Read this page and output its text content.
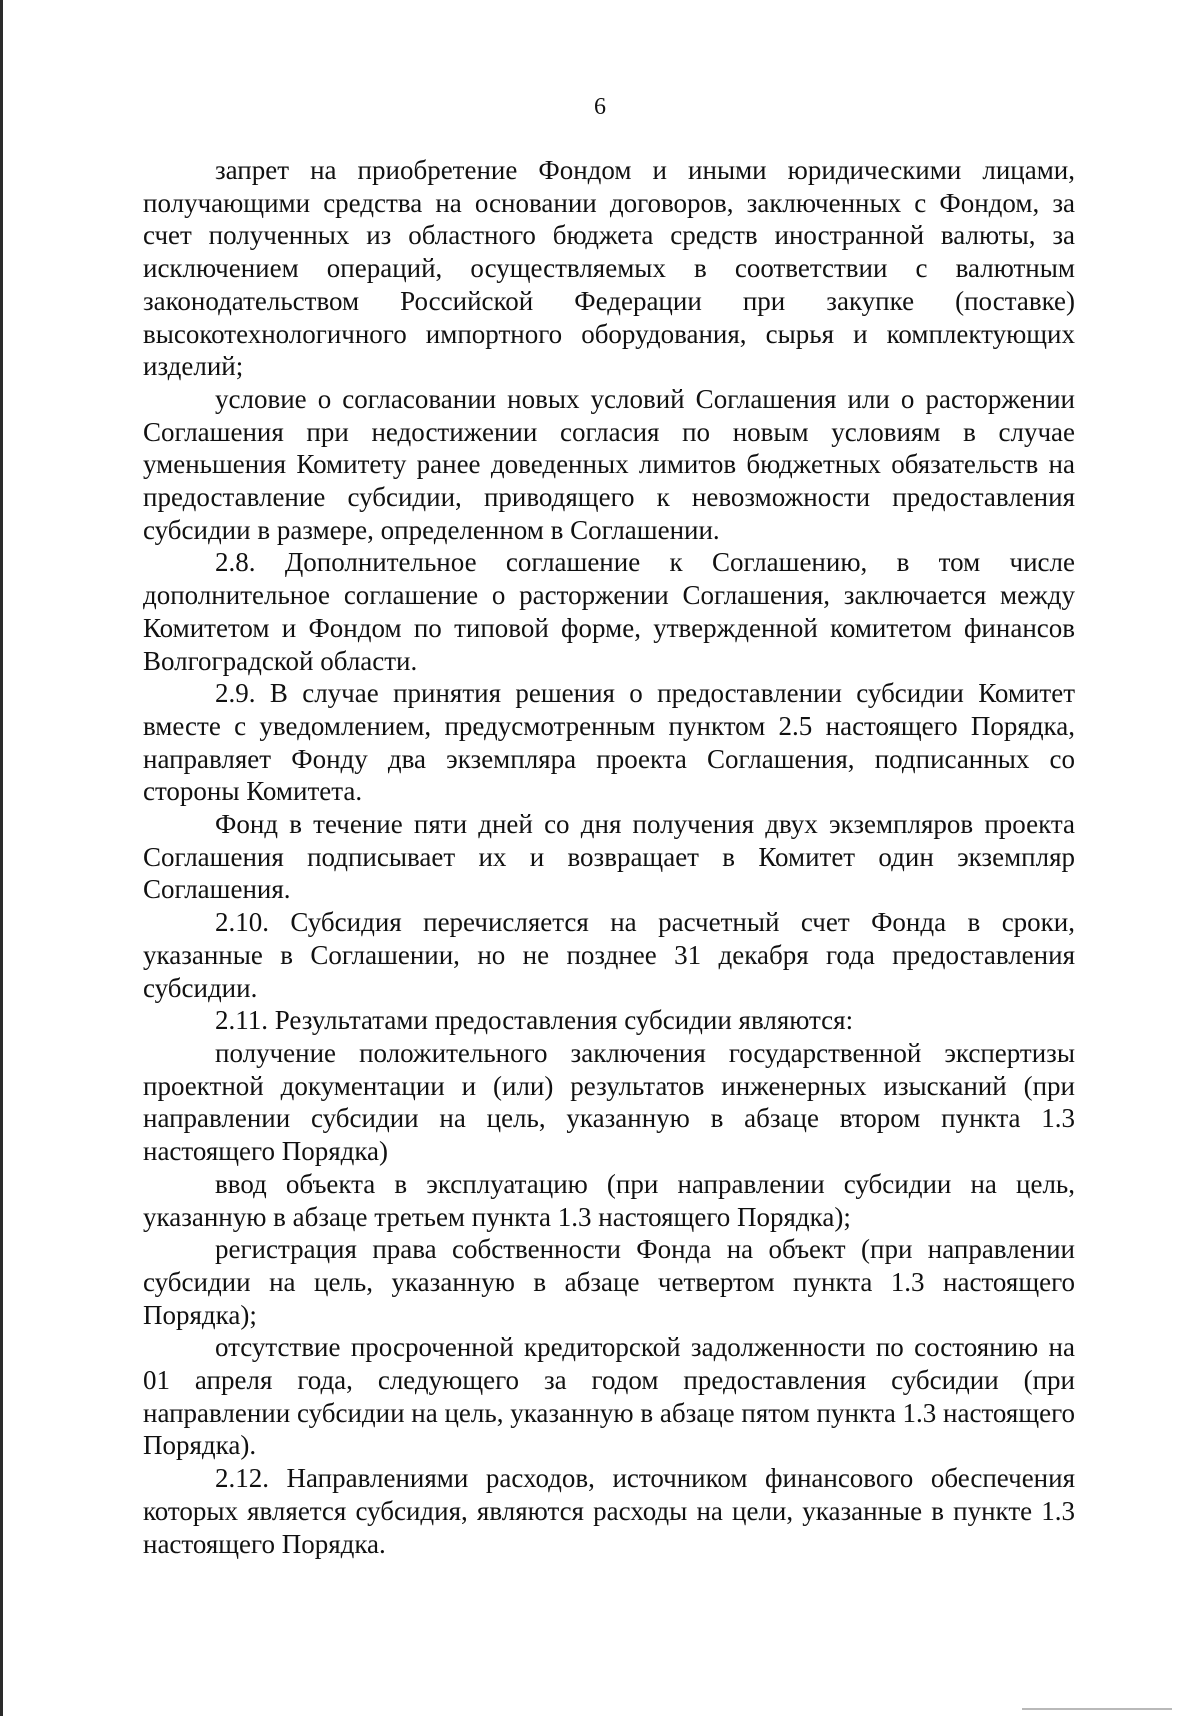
6

запрет на приобретение Фондом и иными юридическими лицами, получающими средства на основании договоров, заключенных с Фондом, за счет полученных из областного бюджета средств иностранной валюты, за исключением операций, осуществляемых в соответствии с валютным законодательством Российской Федерации при закупке (поставке) высокотехнологичного импортного оборудования, сырья и комплектующих изделий;

условие о согласовании новых условий Соглашения или о расторжении Соглашения при недостижении согласия по новым условиям в случае уменьшения Комитету ранее доведенных лимитов бюджетных обязательств на предоставление субсидии, приводящего к невозможности предоставления субсидии в размере, определенном в Соглашении.

2.8. Дополнительное соглашение к Соглашению, в том числе дополнительное соглашение о расторжении Соглашения, заключается между Комитетом и Фондом по типовой форме, утвержденной комитетом финансов Волгоградской области.

2.9. В случае принятия решения о предоставлении субсидии Комитет вместе с уведомлением, предусмотренным пунктом 2.5 настоящего Порядка, направляет Фонду два экземпляра проекта Соглашения, подписанных со стороны Комитета.

Фонд в течение пяти дней со дня получения двух экземпляров проекта Соглашения подписывает их и возвращает в Комитет один экземпляр Соглашения.

2.10. Субсидия перечисляется на расчетный счет Фонда в сроки, указанные в Соглашении, но не позднее 31 декабря года предоставления субсидии.

2.11. Результатами предоставления субсидии являются:

получение положительного заключения государственной экспертизы проектной документации и (или) результатов инженерных изысканий (при направлении субсидии на цель, указанную в абзаце втором пункта 1.3 настоящего Порядка)

ввод объекта в эксплуатацию (при направлении субсидии на цель, указанную в абзаце третьем пункта 1.3 настоящего Порядка);

регистрация права собственности Фонда на объект (при направлении субсидии на цель, указанную в абзаце четвертом пункта 1.3 настоящего Порядка);

отсутствие просроченной кредиторской задолженности по состоянию на 01 апреля года, следующего за годом предоставления субсидии (при направлении субсидии на цель, указанную в абзаце пятом пункта 1.3 настоящего Порядка).

2.12. Направлениями расходов, источником финансового обеспечения которых является субсидия, являются расходы на цели, указанные в пункте 1.3 настоящего Порядка.
